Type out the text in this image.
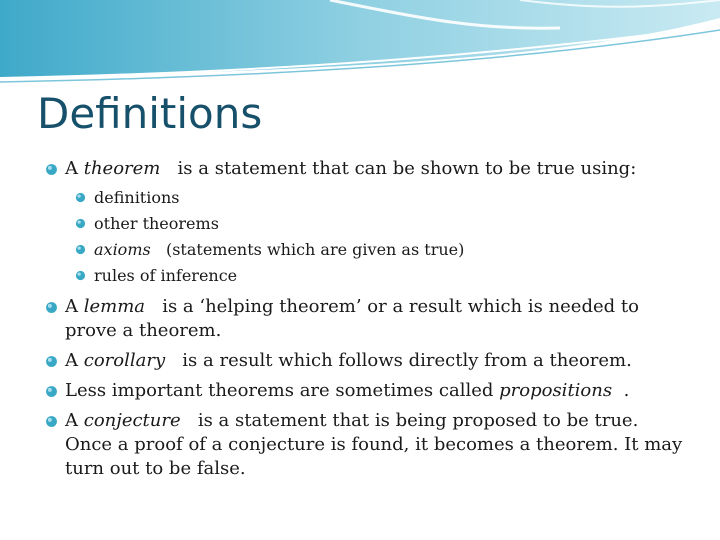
Definitions
A theorem is a statement that can be shown to be true using:
definitions
other theorems
axioms (statements which are given as true)
rules of inference
A lemma is a ‘helping theorem’ or a result which is needed to prove a theorem.
A corollary is a result which follows directly from a theorem.
Less important theorems are sometimes called propositions .
A conjecture is a statement that is being proposed to be true. Once a proof of a conjecture is found, it becomes a theorem. It may turn out to be false.
